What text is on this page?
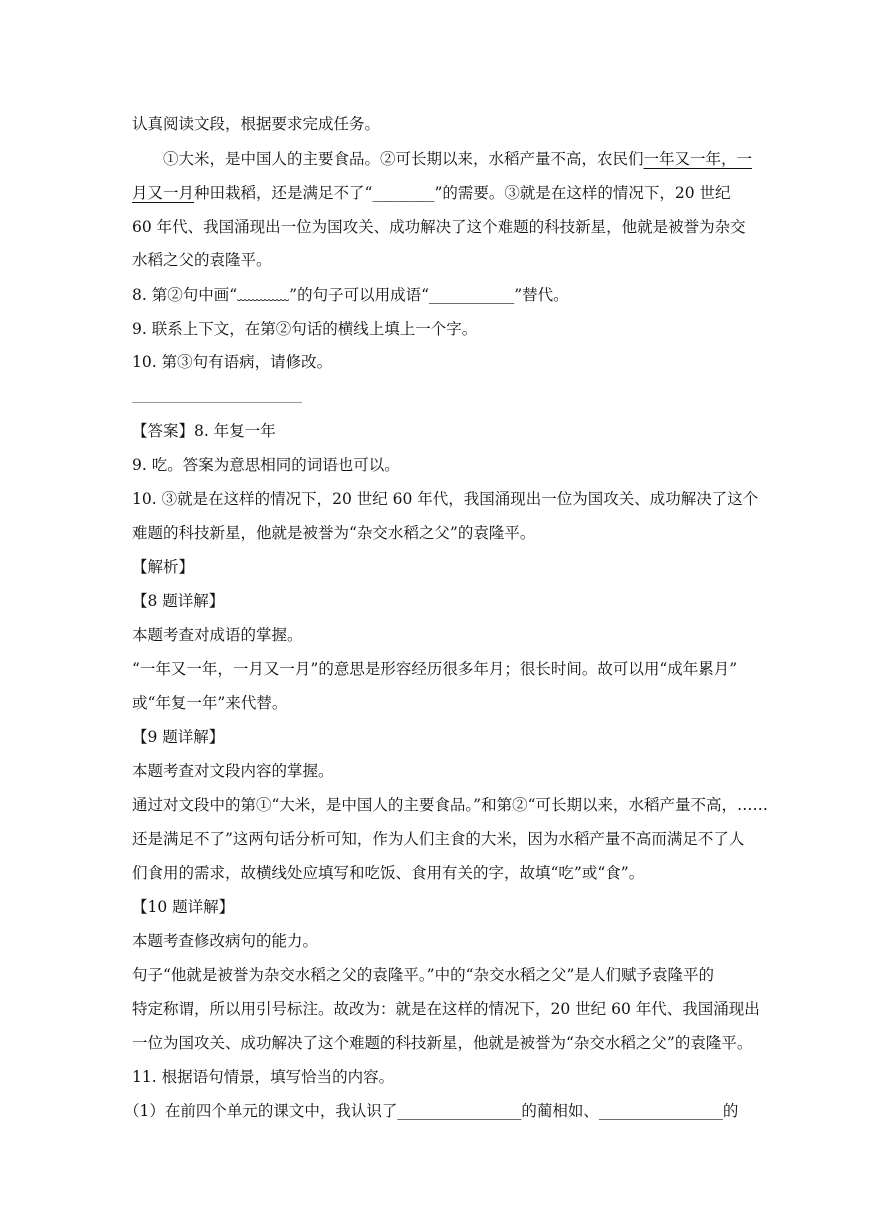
认真阅读文段，根据要求完成任务。
①大米，是中国人的主要食品。②可长期以来，水稻产量不高，农民们一年又一年，一
月又一月种田栽稻，还是满足不了“________”的需要。③就是在这样的情况下，20 世纪
60 年代、我国涌现出一位为国攻关、成功解决了这个难题的科技新星，他就是被誉为杂交
水稻之父的袁隆平。
8. 第②句中画“	”的句子可以用成语“___________”替代。
9. 联系上下文，在第②句话的横线上填上一个字。
10. 第③句有语病，请修改。
【答案】8. 年复一年
9. 吃。答案为意思相同的词语也可以。
10. ③就是在这样的情况下，20 世纪 60 年代，我国涌现出一位为国攻关、成功解决了这个
难题的科技新星，他就是被誉为“杂交水稻之父”的袁隆平。
【解析】
【8 题详解】
本题考查对成语的掌握。
“一年又一年，一月又一月”的意思是形容经历很多年月；很长时间。故可以用“成年累月”
或“年复一年”来代替。
【9 题详解】
本题考查对文段内容的掌握。
通过对文段中的第①“大米，是中国人的主要食品。”和第②“可长期以来，水稻产量不高，……
还是满足不了”这两句话分析可知，作为人们主食的大米，因为水稻产量不高而满足不了人
们食用的需求，故横线处应填写和吃饭、食用有关的字，故填“吃”或“食”。
【10 题详解】
本题考查修改病句的能力。
句子“他就是被誉为杂交水稻之父的袁隆平。”中的“杂交水稻之父”是人们赋予袁隆平的
特定称谓，所以用引号标注。故改为：就是在这样的情况下，20 世纪 60 年代、我国涌现出
一位为国攻关、成功解决了这个难题的科技新星，他就是被誉为“杂交水稻之父”的袁隆平。
11. 根据语句情景，填写恰当的内容。
（1）在前四个单元的课文中，我认识了________________的蔺相如、________________的
